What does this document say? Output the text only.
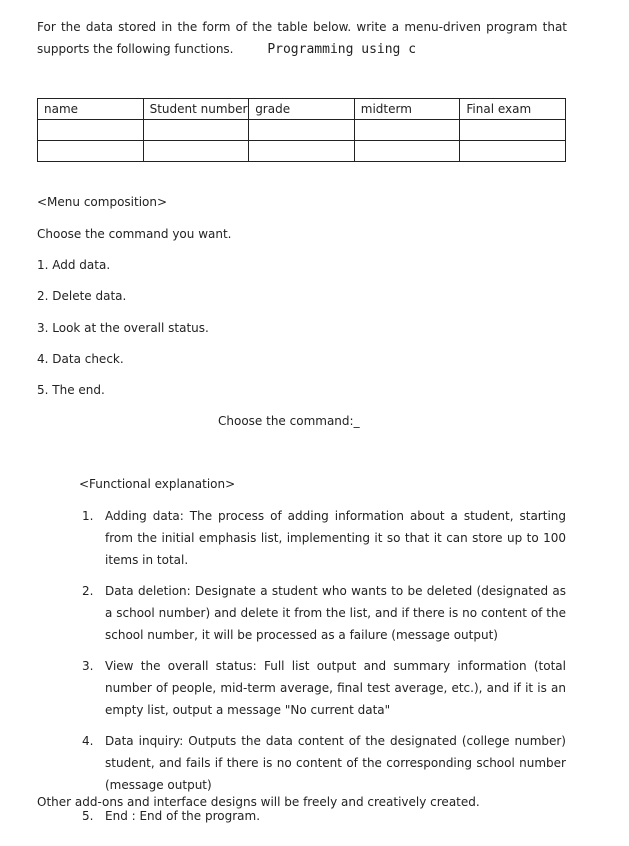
For the data stored in the form of the table below. write a menu-driven program that supports the following functions.	Programming using c
name	Student number	grade	midterm	Final exam

<Menu composition>
Choose the command you want.
1. Add data.
2. Delete data.
3. Look at the overall status.
4. Data check.
5. The end.
Choose the command:_
<Functional explanation>
1. Adding data: The process of adding information about a student, starting from the initial emphasis list, implementing it so that it can store up to 100 items in total.
2. Data deletion: Designate a student who wants to be deleted (designated as a school number) and delete it from the list, and if there is no content of the school number, it will be processed as a failure (message output)
3. View the overall status: Full list output and summary information (total number of people, mid-term average, final test average, etc.), and if it is an empty list, output a message "No current data"
4. Data inquiry: Outputs the data content of the designated (college number) student, and fails if there is no content of the corresponding school number (message output)
5. End : End of the program.
Other add-ons and interface designs will be freely and creatively created.
